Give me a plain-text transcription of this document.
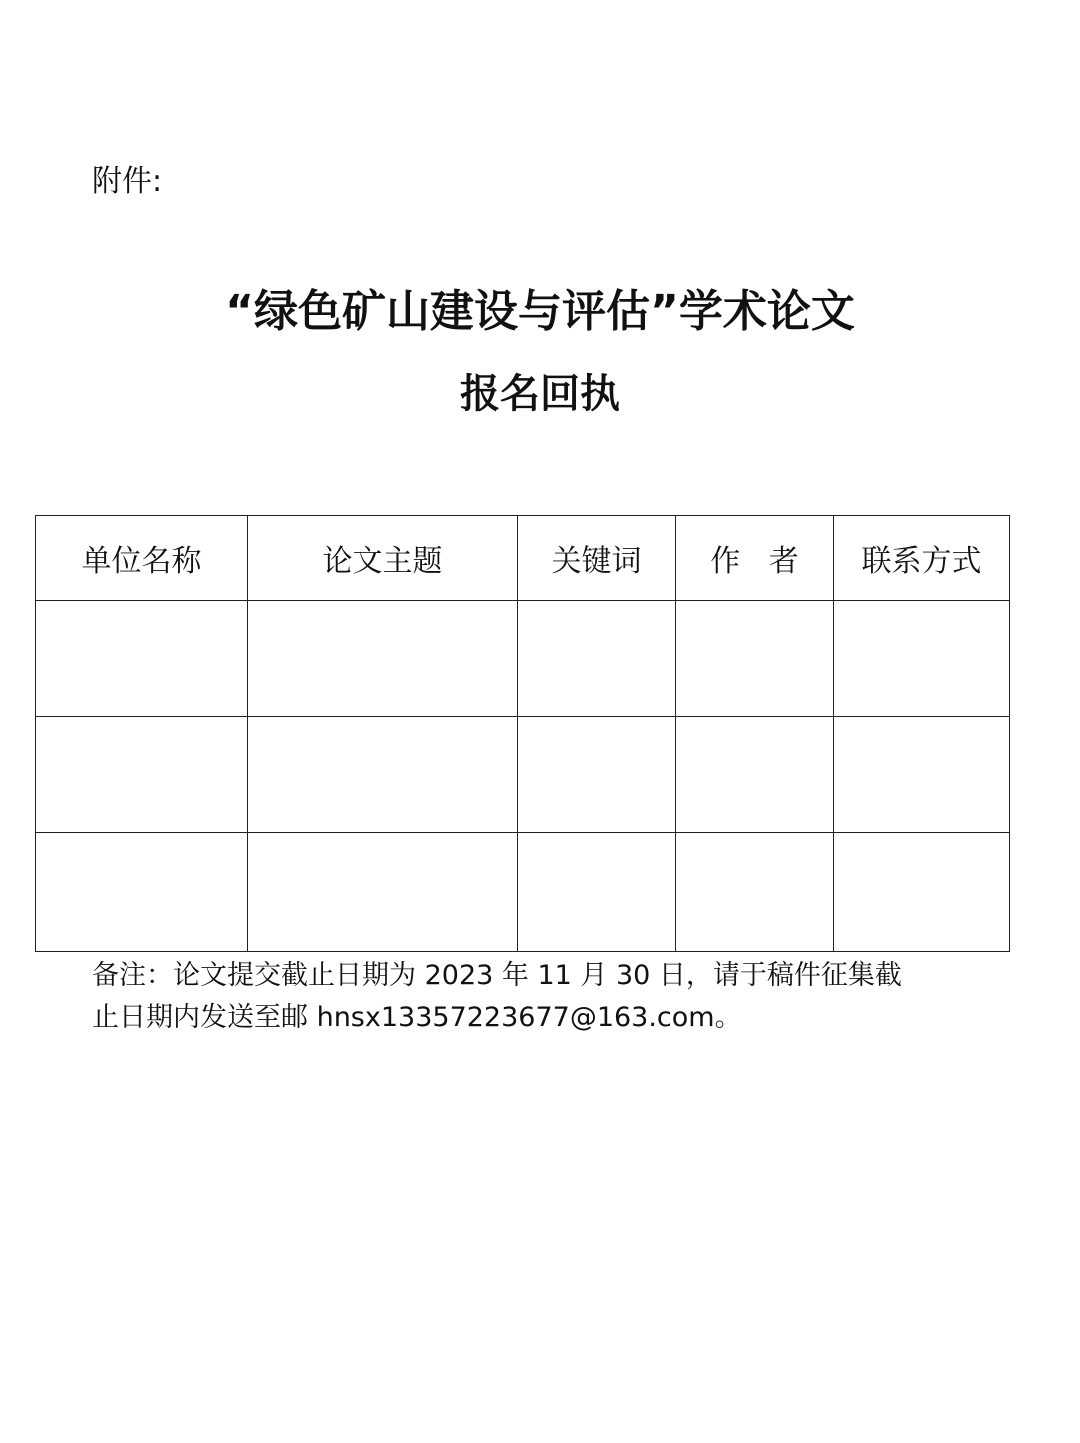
附件:
“绿色矿山建设与评估”学术论文
报名回执
单位名称	论文主题	关键词	作   者	联系方式

备注：论文提交截止日期为 2023 年 11 月 30 日，请于稿件征集截
止日期内发送至邮 hnsx13357223677@163.com。
